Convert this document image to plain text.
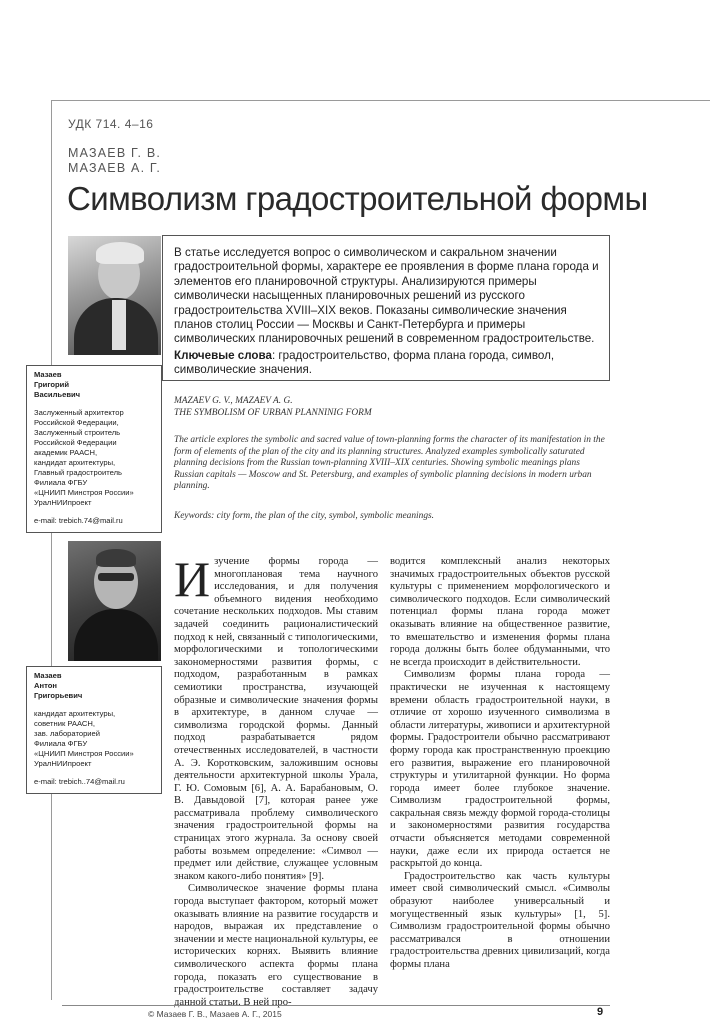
УДК 714. 4–16
МАЗАЕВ Г. В.
МАЗАЕВ А. Г.
Символизм градостроительной формы
В статье исследуется вопрос о символическом и сакральном значении градостроительной формы, характере ее проявления в форме плана города и элементов его планировочной структуры. Анализируются примеры символически насыщенных планировочных решений из русского градостроительства XVIII–XIX веков. Показаны символические значения планов столиц России — Москвы и Санкт-Петербурга и примеры символических планировочных решений в современном градостроительстве.
Ключевые слова: градостроительство, форма плана города, символ, символические значения.
Мазаев
Григорий
Васильевич
Заслуженный архитектор
Российской Федерации,
Заслуженный строитель
Российской Федерации
академик РААСН,
кандидат архитектуры,
Главный градостроитель
Филиала ФГБУ
«ЦНИИП Минстроя России»
УралНИИпроект
e-mail: trebich.74@mail.ru
MAZAEV G. V., MAZAEV A. G.
THE SYMBOLISM OF URBAN PLANNINIG FORM
The article explores the symbolic and sacred value of town-planning forms the character of its manifestation in the form of elements of the plan of the city and its planning structures. Analyzed examples symbolically saturated planning decisions from the Russian town-planning XVIII–XIX centuries. Showing symbolic meanings plans Russian capitals — Moscow and St. Petersburg, and examples of symbolic planning decisions in modern urban planning.
Keywords: city form, the plan of the city, symbol, symbolic meanings.
Мазаев
Антон
Григорьевич
кандидат архитектуры,
советник РААСН,
зав. лабораторией
Филиала ФГБУ
«ЦНИИП Минстроя России»
УралНИИпроект
e-mail: trebich..74@mail.ru

Изучение формы города — многоплановая тема научного исследования, и для получения объемного видения необходимо сочетание нескольких подходов. Мы ставим задачей соединить рационалистический подход к ней, связанный с типологическими, морфологическими и топологическими закономерностями развития формы, с подходом, разработанным в рамках семиотики пространства, изучающей образные и символические значения формы в архитектуре, в данном случае — символизма городской формы. Данный подход разрабатывается рядом отечественных исследователей, в частности А. Э. Коротковским, заложившим основы деятельности архитектурной школы Урала, Г. Ю. Сомовым [6], А. А. Барабановым, О. В. Давыдовой [7], которая ранее уже рассматривала проблему символического значения градостроительной формы на страницах этого журнала. За основу своей работы возьмем определение: «Символ — предмет или действие, служащее условным знаком какого-либо понятия» [9].

Символическое значение формы плана города выступает фактором, который может оказывать влияние на развитие государств и народов, выражая их представление о значении и месте национальной культуры, ее исторических корнях. Выявить влияние символического аспекта формы плана города, показать его существование в градостроительстве составляет задачу данной статьи. В ней про-

водится комплексный анализ некоторых значимых градостроительных объектов русской культуры с применением морфологического и символического подходов. Если символический потенциал формы плана города может оказывать влияние на общественное развитие, то вмешательство и изменения формы плана города должны быть более обдуманными, что не всегда происходит в действительности.

Символизм формы плана города — практически не изученная к настоящему времени область градостроительной науки, в отличие от хорошо изученного символизма в области литературы, живописи и архитектурной формы. Градостроители обычно рассматривают форму города как пространственную проекцию его развития, выражение его планировочной структуры и утилитарной функции. Но форма города имеет более глубокое значение. Символизм градостроительной формы, сакральная связь между формой города-столицы и закономерностями развития государства отчасти объясняется методами современной науки, даже если их природа остается не раскрытой до конца.

Градостроительство как часть культуры имеет свой символический смысл. «Символы образуют наиболее универсальный и могущественный язык культуры» [1, 5]. Символизм градостроительной формы обычно рассматривался в отношении градостроительства древних цивилизаций, когда формы плана

© Мазаев Г. В., Мазаев А. Г., 2015	9
